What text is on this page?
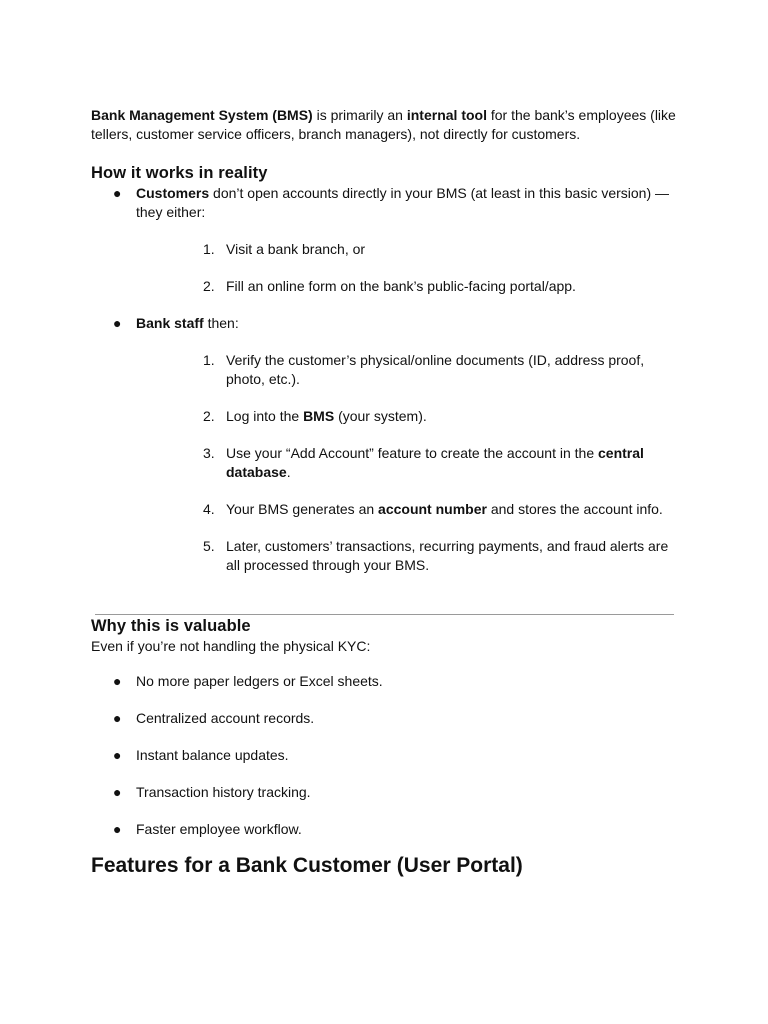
Bank Management System (BMS) is primarily an internal tool for the bank’s employees (like tellers, customer service officers, branch managers), not directly for customers.

How it works in reality
● Customers don’t open accounts directly in your BMS (at least in this basic version) — they either:
1. Visit a bank branch, or
2. Fill an online form on the bank’s public-facing portal/app.
● Bank staff then:
1. Verify the customer’s physical/online documents (ID, address proof, photo, etc.).
2. Log into the BMS (your system).
3. Use your “Add Account” feature to create the account in the central database.
4. Your BMS generates an account number and stores the account info.
5. Later, customers’ transactions, recurring payments, and fraud alerts are all processed through your BMS.
Why this is valuable

Even if you’re not handling the physical KYC:

● No more paper ledgers or Excel sheets.
● Centralized account records.
● Instant balance updates.
● Transaction history tracking.
● Faster employee workflow.
Features for a Bank Customer (User Portal)
